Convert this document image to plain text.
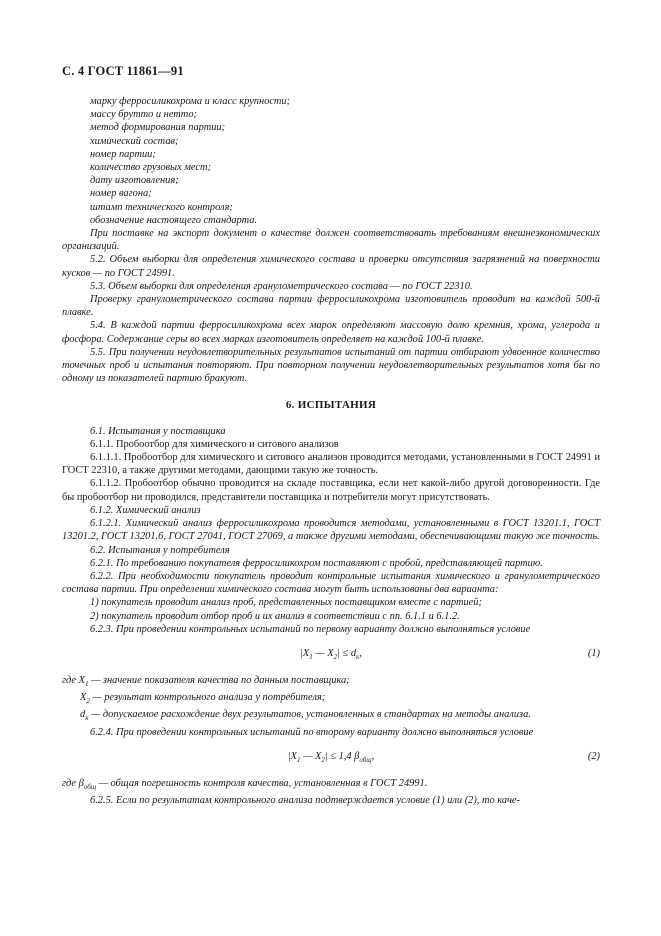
С. 4 ГОСТ 11861—91

марку ферросиликохрома и класс крупности;

массу брутто и нетто;

метод формирования партии;

химический состав;

номер партии;

количество грузовых мест;

дату изготовления;

номер вагона;

штамп технического контроля;

обозначение настоящего стандарта.

При поставке на экспорт документ о качестве должен соответствовать требованиям внешнеэкономических организаций.

5.2. Объем выборки для определения химического состава и проверки отсутствия загрязнений на поверхности кусков — по ГОСТ 24991.

5.3. Объем выборки для определения гранулометрического состава — по ГОСТ 22310.

Проверку гранулометрического состава партии ферросиликохрома изготовитель проводит на каждой 500-й плавке.

5.4. В каждой партии ферросиликохрома всех марок определяют массовую долю кремния, хрома, углерода и фосфора. Содержание серы во всех марках изготовитель определяет на каждой 100-й плавке.

5.5. При получении неудовлетворительных результатов испытаний от партии отбирают удвоенное количество точечных проб и испытания повторяют. При повторном получении неудовлетворительных результатов хотя бы по одному из показателей партию бракуют.

6. ИСПЫТАНИЯ

6.1. Испытания у поставщика

6.1.1. Пробоотбор для химического и ситового анализов

6.1.1.1. Пробоотбор для химического и ситового анализов проводится методами, установленными в ГОСТ 24991 и ГОСТ 22310, а также другими методами, дающими такую же точность.

6.1.1.2. Пробоотбор обычно проводится на складе поставщика, если нет какой-либо другой договоренности. Где бы пробоотбор ни проводился, представители поставщика и потребители могут присутствовать.

6.1.2. Химический анализ

6.1.2.1. Химический анализ ферросиликохрома проводится методами, установленными в ГОСТ 13201.1, ГОСТ 13201.2, ГОСТ 13201.6, ГОСТ 27041, ГОСТ 27069, а также другими методами, обеспечивающими такую же точность.

6.2. Испытания у потребителя

6.2.1. По требованию покупателя ферросиликохром поставляют с пробой, представляющей партию.

6.2.2. При необходимости покупатель проводит контрольные испытания химического и гранулометрического состава партии. При определении химического состава могут быть использованы два варианта:

1) покупатель проводит анализ проб, представленных поставщиком вместе с партией;

2) покупатель проводит отбор проб и их анализ в соответствии с пп. 6.1.1 и 6.1.2.

6.2.3. При проведении контрольных испытаний по первому варианту должно выполняться условие

$|X_1$ — $X_2| \le d_к$,	(1)

где $X_1$ — значение показателя качества по данным поставщика;

$X_2$ — результат контрольного анализа у потребителя;

$d_к$ — допускаемое расхождение двух результатов, установленных в стандартах на методы анализа.

6.2.4. При проведении контрольных испытаний по второму варианту должно выполняться условие

$|X_1$ — $X_2| \le 1,4$ $\beta_{общ}$,	(2)

где $\beta_{общ}$ — общая погрешность контроля качества, установленная в ГОСТ 24991.

6.2.5. Если по результатам контрольного анализа подтверждается условие (1) или (2), то каче-
